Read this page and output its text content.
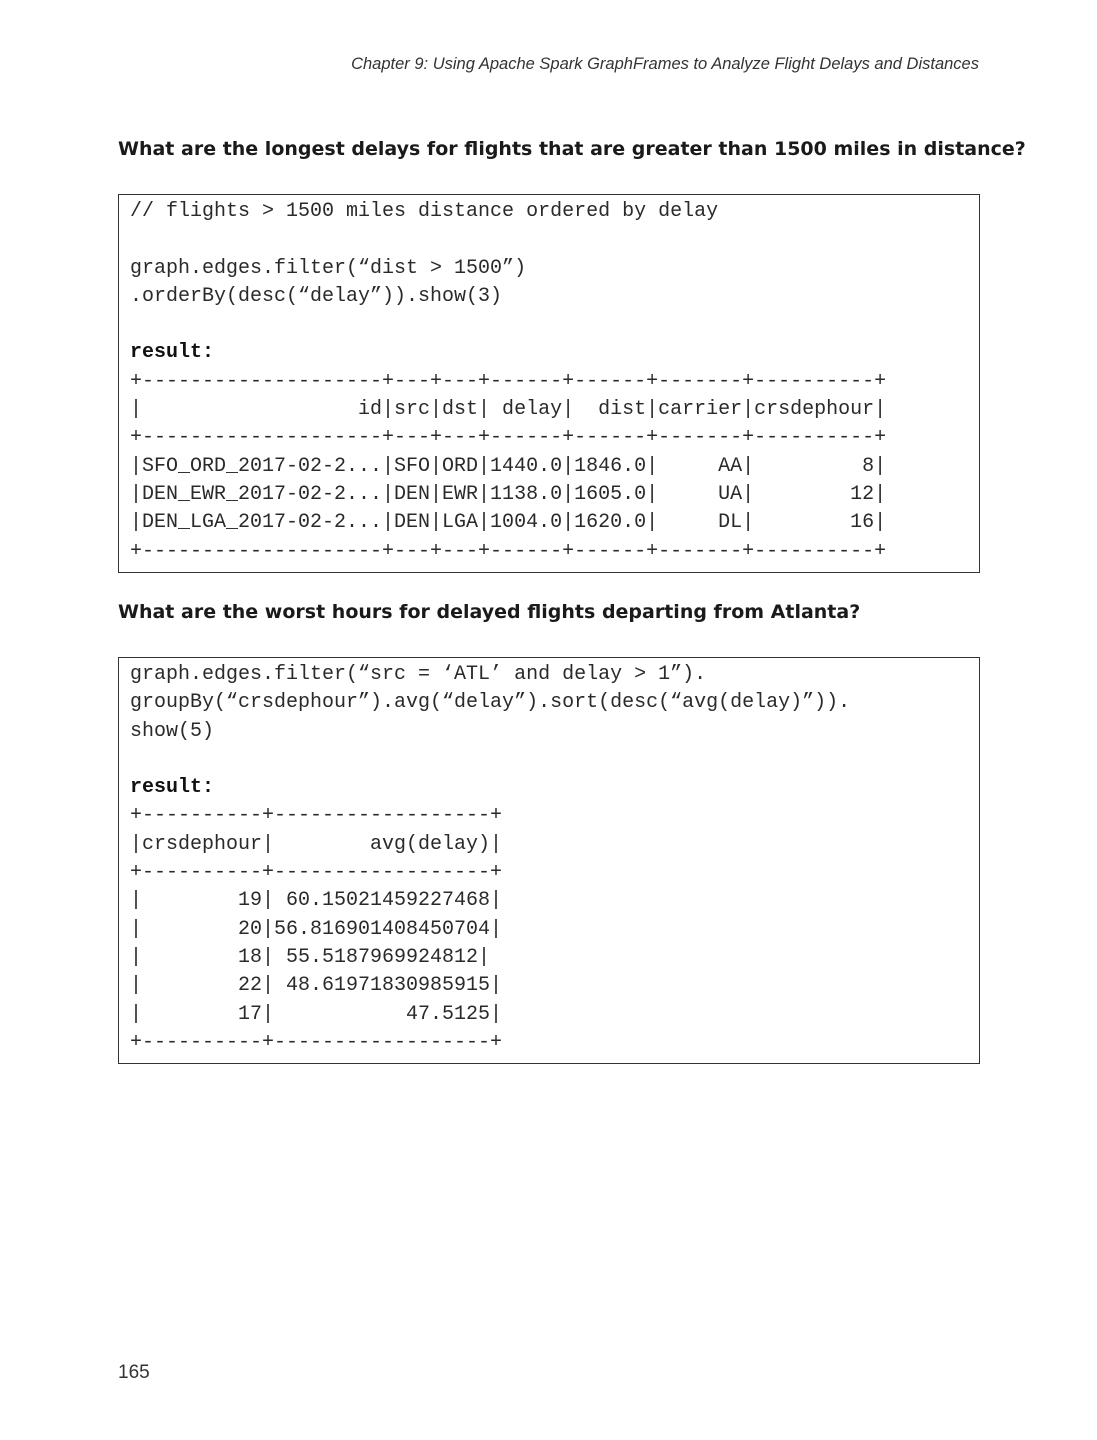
Chapter 9: Using Apache Spark GraphFrames to Analyze Flight Delays and Distances
What are the longest delays for flights that are greater than 1500 miles in distance?
// flights > 1500 miles distance ordered by delay
graph.edges.filter(“dist > 1500”)
.orderBy(desc(“delay”)).show(3)
result:
+--------------------+---+---+------+------+-------+----------+
|                  id|src|dst| delay|  dist|carrier|crsdephour|
+--------------------+---+---+------+------+-------+----------+
|SFO_ORD_2017-02-2...|SFO|ORD|1440.0|1846.0|     AA|         8|
|DEN_EWR_2017-02-2...|DEN|EWR|1138.0|1605.0|     UA|        12|
|DEN_LGA_2017-02-2...|DEN|LGA|1004.0|1620.0|     DL|        16|
+--------------------+---+---+------+------+-------+----------+
What are the worst hours for delayed flights departing from Atlanta?
graph.edges.filter(“src = ‘ATL’ and delay > 1”).
groupBy(“crsdephour”).avg(“delay”).sort(desc(“avg(delay)”)).
show(5)
result:
+----------+------------------+
|crsdephour|        avg(delay)|
+----------+------------------+
|        19| 60.15021459227468|
|        20|56.816901408450704|
|        18| 55.5187969924812|
|        22| 48.61971830985915|
|        17|           47.5125|
+----------+------------------+
165
